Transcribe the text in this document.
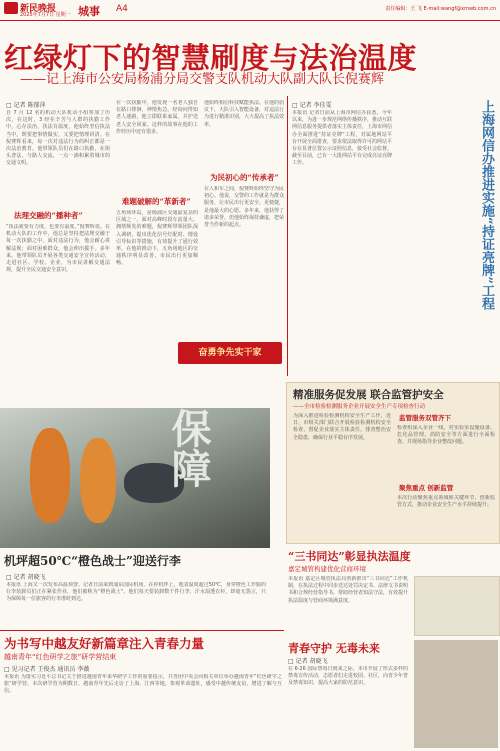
新民晚报
2025年7月7日 星期一 城事 A4	责任编辑：王 飞 E-mail:wangf@xmwb.com.cn
红绿灯下的智慧刷度与法治温度
——记上海市公安局杨浦分局交警支队机动大队副大队长倪赛辉
□ 记者 陈郁萍
自 7 月 12 名的机动大队机动小组参加了历次，在这时，3 经在辛苦与人群的执勤工作中，心存法治，执法有温度，他始终坚信执法当中，既要把事情做实，又要把情理讲清。在倪赛辉看来，每一次对违法行为的纠正都是一次法治教育。他带领队员们在路口执勤，在街头普法，与路人交流，一点一滴积累着城市的交通文明。
法理交融的“播种者”
“执法就要有力度，也要有温度。”倪赛辉说。在机动大队的工作中，他总是坚持把法理交融于每一次执勤之中。面对违法行为，他会耐心讲解法规；面对困难群众，他会伸出援手。多年来，他带领队员开展各类交通安全宣传活动，走进社区、学校、企业，为市民讲解交通法规，提升全民交通安全意识。
在一次执勤中，他发现一名老人独自在路口徘徊，神情焦急。经询问得知老人迷路，他立即联系家属，并护送老人安全回家。这样的故事在他的工作经历中还有很多。
难题破解的“革新者”
五角场环岛，是杨浦区交通最复杂的区域之一。面对高峰时段车流量大、拥堵频发的难题，倪赛辉带领团队深入调研，提出优化信号灯配时、增设引导标识等措施，有效提升了通行效率。在他的推动下，五角场地区的交通秩序明显改善，市民出行更加顺畅。
他始终相信科技赋能执法。在他的倡议下，大队引入智能设备，对违法行为进行精准识别，大大提高了执法效率。
为民初心的“传承者”
在人和车之间，倪赛辉始终坚守为民初心。他说，交警的工作就是为群众服务，让市民出行更安全、更便捷，是他最大的心愿。多年来，他获得了诸多荣誉，但他始终保持谦虚，把荣誉当作新的起点。
奋勇争先实干家
□ 记者 李佳雯
本报讯 记者日前从上海市网信办获悉，今年以来，为进一步规范网络传播秩序，推动互联网信息服务提供者落实主体责任，上海市网信办全面推进“持证亮牌”工程，对属地网站平台开展全面排查，要求依法取得许可的网站平台在显著位置公示证照信息，接受社会监督。截至目前，已有一大批网站平台完成亮证亮牌工作。	上海网信办推进实施“持证亮牌”工程
保障
机坪超50℃“橙色战士”迎送行李
□ 记者 胡晓飞
本报讯 上海又一次发布高温预警。记者日前来到浦东国际机场，在停机坪上，地表温度超过50℃，身穿橙色工作服的行李装卸员们正在紧张作业，他们被称为“橙色战士”。他们每天要装卸数千件行李，汗水湿透衣衫，却毫无怨言，只为保障每一位旅客的行李准时到达。
精准服务促发展 联合监管护安全
——全市检验检测服务企业开展安全生产专项检查行动
为深入推进检验检测机构安全生产工作，近日，市相关部门联合开展检验检测机构安全检查，督促企业落实主体责任，排查整治安全隐患，确保行业平稳有序发展。
监管服务双管齐下
检查组深入企业一线，对实验室设施设备、危化品管理、消防安全等方面进行全面检查，并现场指导企业整改问题。
聚焦重点 创新监管
本次行动聚焦重点领域和关键环节，创新监管方式，推动企业安全生产水平持续提升。
为书写中越友好新篇章注入青春力量
越南青年“红色研学之旅”研学营结束
□ 见习记者 王俊杰 通讯员 李薇
本报讯 为落实习近平总书记关于推进越南青年来华研学工作的重要指示，共青团中央会同相关单位举办越南青年“红色研学之旅”研学营。本次研学营为期数日，越南青年先后走访了上海、江西等地，参观革命遗址，感受中越传统友谊，增进了解与互信。
“三书同达”彰显执法温度
嘉定城管构建优化营商环境
本报讯 嘉定区城管执法局创新推出“三书同达”工作机制，在执法过程中同步送达处罚决定书、法律文书说明书和合规经营指导书，帮助经营者知法守法，有效提升执法温度与营商环境满意度。
青春守护 无毒未来
□ 记者 胡晓飞
在 6·26 国际禁毒日到来之际，本市开展了形式多样的禁毒宣传活动，志愿者们走进校园、社区，向青少年普及禁毒知识，提高大家的防范意识。
